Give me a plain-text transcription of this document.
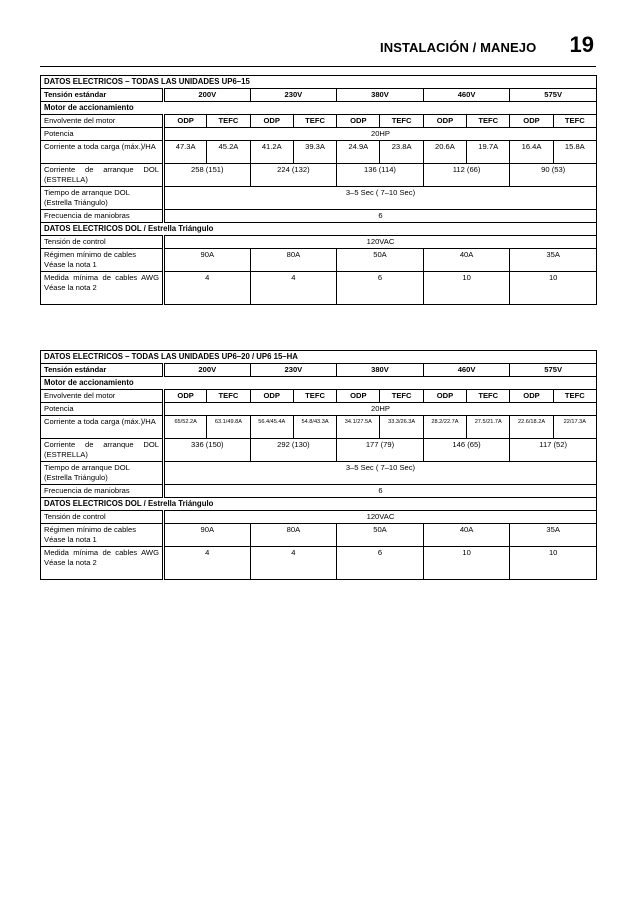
INSTALACIÓN / MANEJO 19
DATOS ELECTRICOS – TODAS LAS UNIDADES UP6–15										
Tensión estándar	200V		230V		380V		460V		575V	
Motor de accionamiento										
Envolvente del motor	ODP	TEFC	ODP	TEFC	ODP	TEFC	ODP	TEFC	ODP	TEFC
Potencia	20HP									
Corriente a toda carga (máx.)/HA	47.3A	45.2A	41.2A	39.3A	24.9A	23.8A	20.6A	19.7A	16.4A	15.8A
Corriente de arranque DOL (ESTRELLA)	258 (151)		224 (132)		136 (114)		112 (66)		90 (53)	
Tiempo de arranque DOL (Estrella Triángulo)	3–5 Sec ( 7–10 Sec)									
Frecuencia de maniobras	6									
DATOS ELECTRICOS DOL / Estrella Triángulo										
Tensión de control	120VAC									
Régimen mínimo de cables Véase la nota 1	90A		80A		50A		40A		35A	
Medida mínima de cables AWG Véase la nota 2	4		4		6		10		10	
DATOS ELECTRICOS – TODAS LAS UNIDADES UP6–20 / UP6 15–HA										
Tensión estándar	200V		230V		380V		460V		575V	
Motor de accionamiento										
Envolvente del motor	ODP	TEFC	ODP	TEFC	ODP	TEFC	ODP	TEFC	ODP	TEFC
Potencia	20HP									
Corriente a toda carga (máx.)/HA	65/52.2A	63.1/49.8A	56.4/45.4A	54.8/43.3A	34.1/27.5A	33.3/26.3A	28.2/22.7A	27.5/21.7A	22.6/18.2A	22/17.3A
Corriente de arranque DOL (ESTRELLA)	336 (150)		292 (130)		177 (79)		146 (65)		117 (52)	
Tiempo de arranque DOL (Estrella Triángulo)	3–5 Sec ( 7–10 Sec)									
Frecuencia de maniobras	6									
DATOS ELECTRICOS DOL / Estrella Triángulo										
Tensión de control	120VAC									
Régimen mínimo de cables Véase la nota 1	90A		80A		50A		40A		35A	
Medida mínima de cables AWG Véase la nota 2	4		4		6		10		10	
